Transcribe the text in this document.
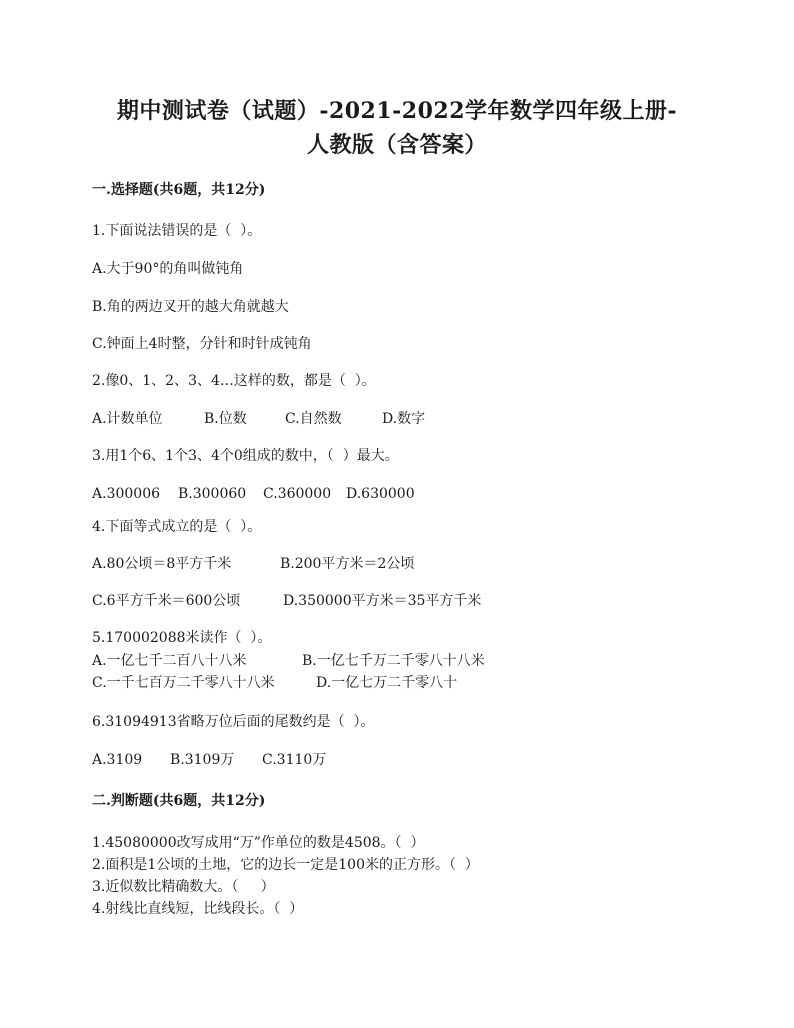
期中测试卷（试题）-2021-2022学年数学四年级上册-
人教版（含答案）
一.选择题(共6题，共12分)
1.下面说法错误的是（  ）。
A.大于90°的角叫做钝角
B.角的两边叉开的越大角就越大
C.钟面上4时整，分针和时针成钝角
2.像0、1、2、3、4…这样的数，都是（  ）。
A.计数单位	B.位数	C.自然数	D.数字
3.用1个6、1个3、4个0组成的数中，（  ）最大。
A.300006 B.300060 C.360000 D.630000
4.下面等式成立的是（  ）。
A.80公顷＝8平方千米	B.200平方米＝2公顷
C.6平方千米＝600公顷	D.350000平方米＝35平方千米
5.170002088米读作（  ）。
A.一亿七千二百八十八米	B.一亿七千万二千零八十八米
C.一千七百万二千零八十八米	D.一亿七万二千零八十
6.31094913省略万位后面的尾数约是（  ）。
A.3109 B.3109万 C.3110万
二.判断题(共6题，共12分)
1.45080000改写成用“万”作单位的数是4508。（  ）
2.面积是1公顷的土地，它的边长一定是100米的正方形。（  ）
3.近似数比精确数大。（     ）
4.射线比直线短，比线段长。（  ）
